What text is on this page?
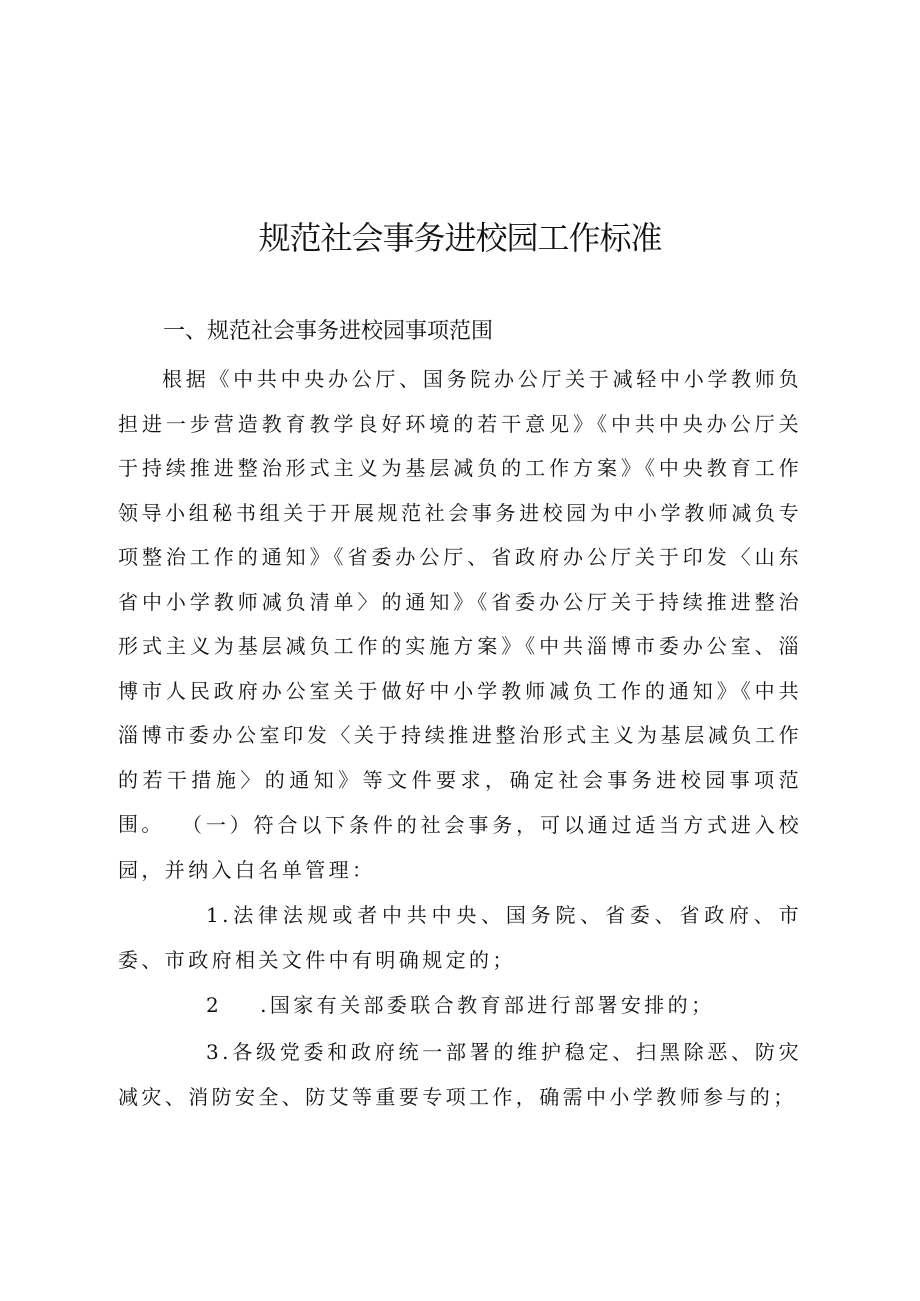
规范社会事务进校园工作标准
一、规范社会事务进校园事项范围

根据《中共中央办公厅、国务院办公厅关于减轻中小学教师负担进一步营造教育教学良好环境的若干意见》《中共中央办公厅关于持续推进整治形式主义为基层减负的工作方案》《中央教育工作领导小组秘书组关于开展规范社会事务进校园为中小学教师减负专项整治工作的通知》《省委办公厅、省政府办公厅关于印发〈山东省中小学教师减负清单〉的通知》《省委办公厅关于持续推进整治形式主义为基层减负工作的实施方案》《中共淄博市委办公室、淄博市人民政府办公室关于做好中小学教师减负工作的通知》《中共淄博市委办公室印发〈关于持续推进整治形式主义为基层减负工作的若干措施〉的通知》等文件要求，确定社会事务进校园事项范围。 （一）符合以下条件的社会事务，可以通过适当方式进入校园，并纳入白名单管理：

1.法律法规或者中共中央、国务院、省委、省政府、市委、市政府相关文件中有明确规定的；

2 .国家有关部委联合教育部进行部署安排的；

3.各级党委和政府统一部署的维护稳定、扫黑除恶、防灾减灾、消防安全、防艾等重要专项工作，确需中小学教师参与的；
